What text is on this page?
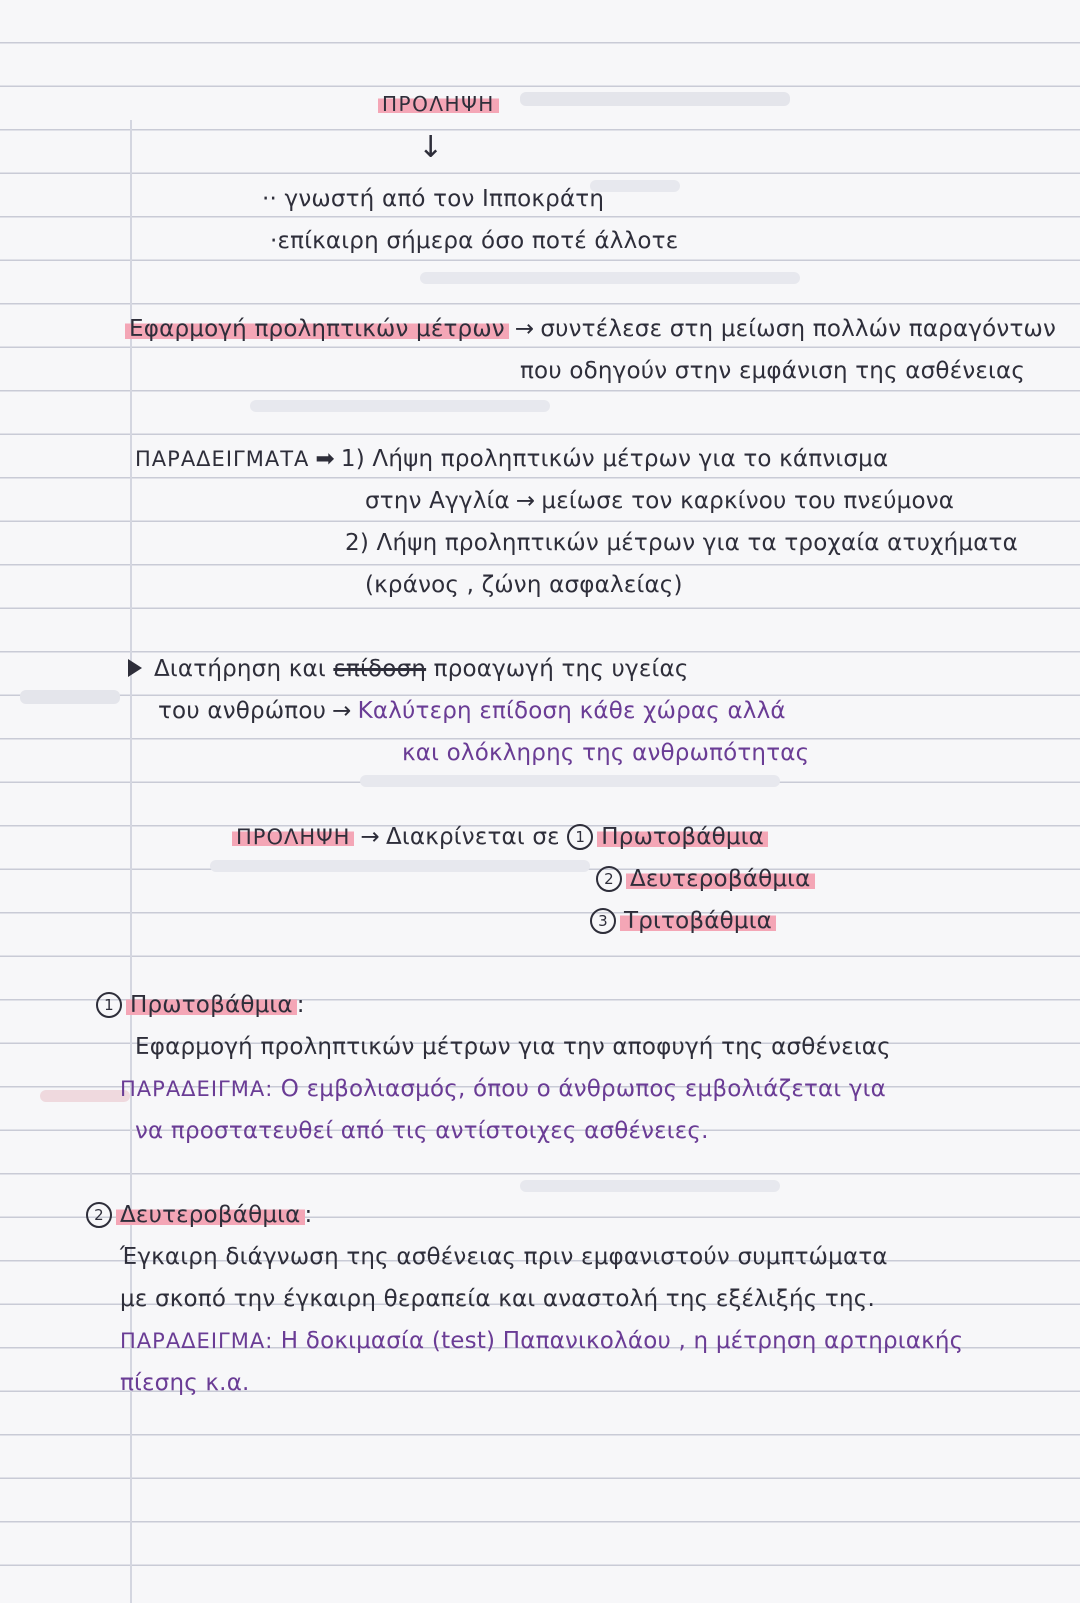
ΠΡΟΛΗΨΗ
↓
·· γνωστή από τον Ιπποκράτη
·επίκαιρη σήμερα όσο ποτέ άλλοτε
Εφαρμογή προληπτικών μέτρων → συντέλεσε στη μείωση πολλών παραγόντων
που οδηγούν στην εμφάνιση της ασθένειας
ΠΑΡΑΔΕΙΓΜΑΤΑ ➡ 1) Λήψη προληπτικών μέτρων για το κάπνισμα
στην Αγγλία → μείωσε τον καρκίνου του πνεύμονα
2) Λήψη προληπτικών μέτρων για τα τροχαία ατυχήματα
(κράνος , ζώνη ασφαλείας)
Διατήρηση και επίδοση προαγωγή της υγείας
του ανθρώπου → Καλύτερη επίδοση κάθε χώρας αλλά
και ολόκληρης της ανθρωπότητας
ΠΡΟΛΗΨΗ → Διακρίνεται σε 1 Πρωτοβάθμια
2 Δευτεροβάθμια
3 Τριτοβάθμια
1 Πρωτοβάθμια :
Εφαρμογή προληπτικών μέτρων για την αποφυγή της ασθένειας
ΠΑΡΑΔΕΙΓΜΑ: Ο εμβολιασμός, όπου ο άνθρωπος εμβολιάζεται για
να προστατευθεί από τις αντίστοιχες ασθένειες.
2 Δευτεροβάθμια :
Έγκαιρη διάγνωση της ασθένειας πριν εμφανιστούν συμπτώματα
με σκοπό την έγκαιρη θεραπεία και αναστολή της εξέλιξής της.
ΠΑΡΑΔΕΙΓΜΑ: Η δοκιμασία (test) Παπανικολάου , η μέτρηση αρτηριακής
πίεσης κ.α.
